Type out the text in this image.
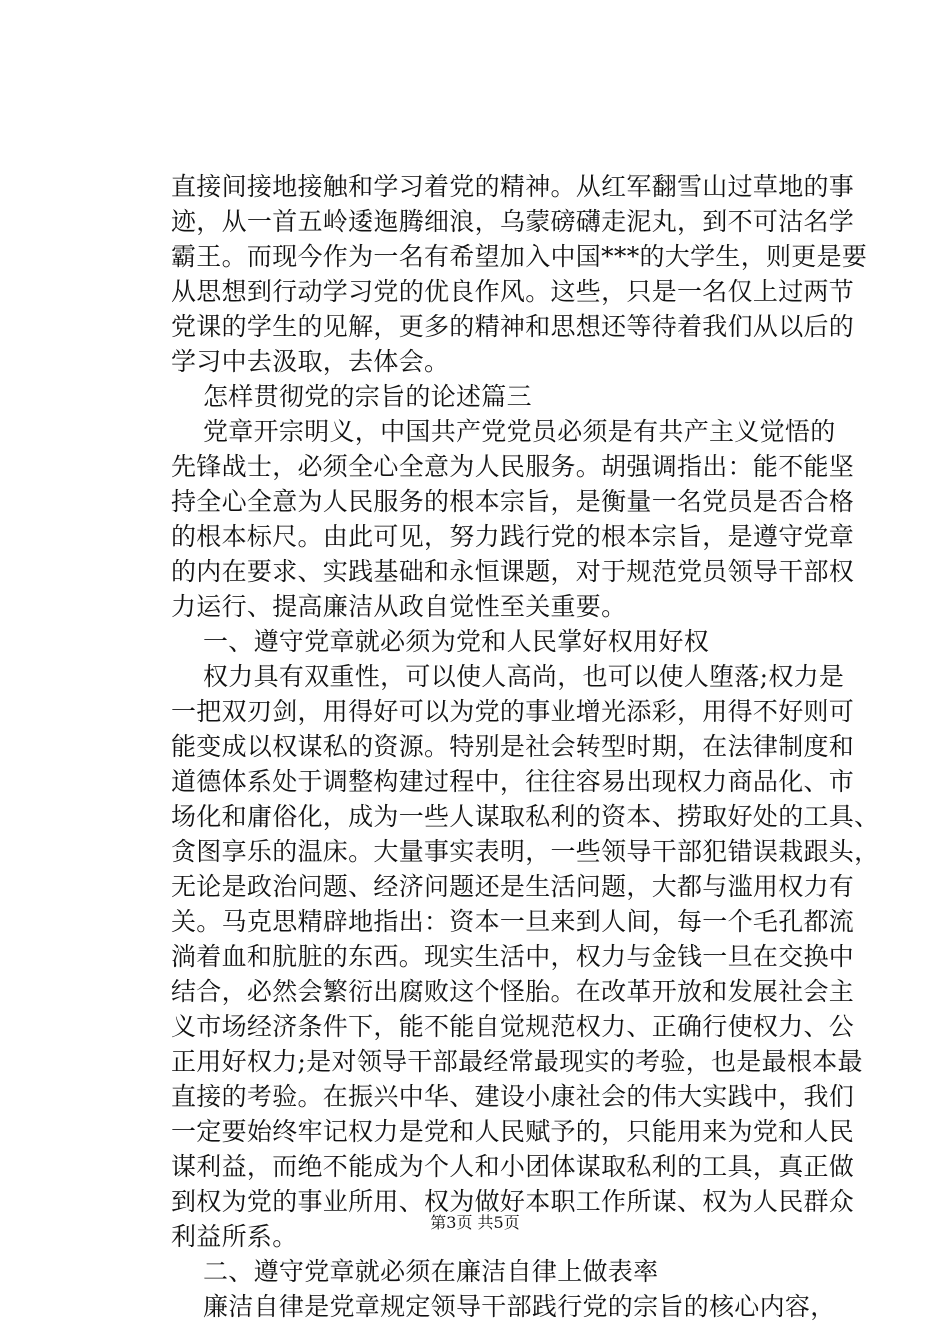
直接间接地接触和学习着党的精神。从红军翻雪山过草地的事
迹，从一首五岭逶迤腾细浪，乌蒙磅礴走泥丸，到不可沽名学
霸王。而现今作为一名有希望加入中国***的大学生，则更是要
从思想到行动学习党的优良作风。这些，只是一名仅上过两节
党课的学生的见解，更多的精神和思想还等待着我们从以后的
学习中去汲取，去体会。
怎样贯彻党的宗旨的论述篇三
党章开宗明义，中国共产党党员必须是有共产主义觉悟的
先锋战士，必须全心全意为人民服务。胡强调指出：能不能坚
持全心全意为人民服务的根本宗旨，是衡量一名党员是否合格
的根本标尺。由此可见，努力践行党的根本宗旨，是遵守党章
的内在要求、实践基础和永恒课题，对于规范党员领导干部权
力运行、提高廉洁从政自觉性至关重要。
一、遵守党章就必须为党和人民掌好权用好权
权力具有双重性，可以使人高尚，也可以使人堕落;权力是
一把双刃剑，用得好可以为党的事业增光添彩，用得不好则可
能变成以权谋私的资源。特别是社会转型时期，在法律制度和
道德体系处于调整构建过程中，往往容易出现权力商品化、市
场化和庸俗化，成为一些人谋取私利的资本、捞取好处的工具、
贪图享乐的温床。大量事实表明，一些领导干部犯错误栽跟头，
无论是政治问题、经济问题还是生活问题，大都与滥用权力有
关。马克思精辟地指出：资本一旦来到人间，每一个毛孔都流
淌着血和肮脏的东西。现实生活中，权力与金钱一旦在交换中
结合，必然会繁衍出腐败这个怪胎。在改革开放和发展社会主
义市场经济条件下，能不能自觉规范权力、正确行使权力、公
正用好权力;是对领导干部最经常最现实的考验，也是最根本最
直接的考验。在振兴中华、建设小康社会的伟大实践中，我们
一定要始终牢记权力是党和人民赋予的，只能用来为党和人民
谋利益，而绝不能成为个人和小团体谋取私利的工具，真正做
到权为党的事业所用、权为做好本职工作所谋、权为人民群众
利益所系。
二、遵守党章就必须在廉洁自律上做表率
廉洁自律是党章规定领导干部践行党的宗旨的核心内容，
第3页 共5页
